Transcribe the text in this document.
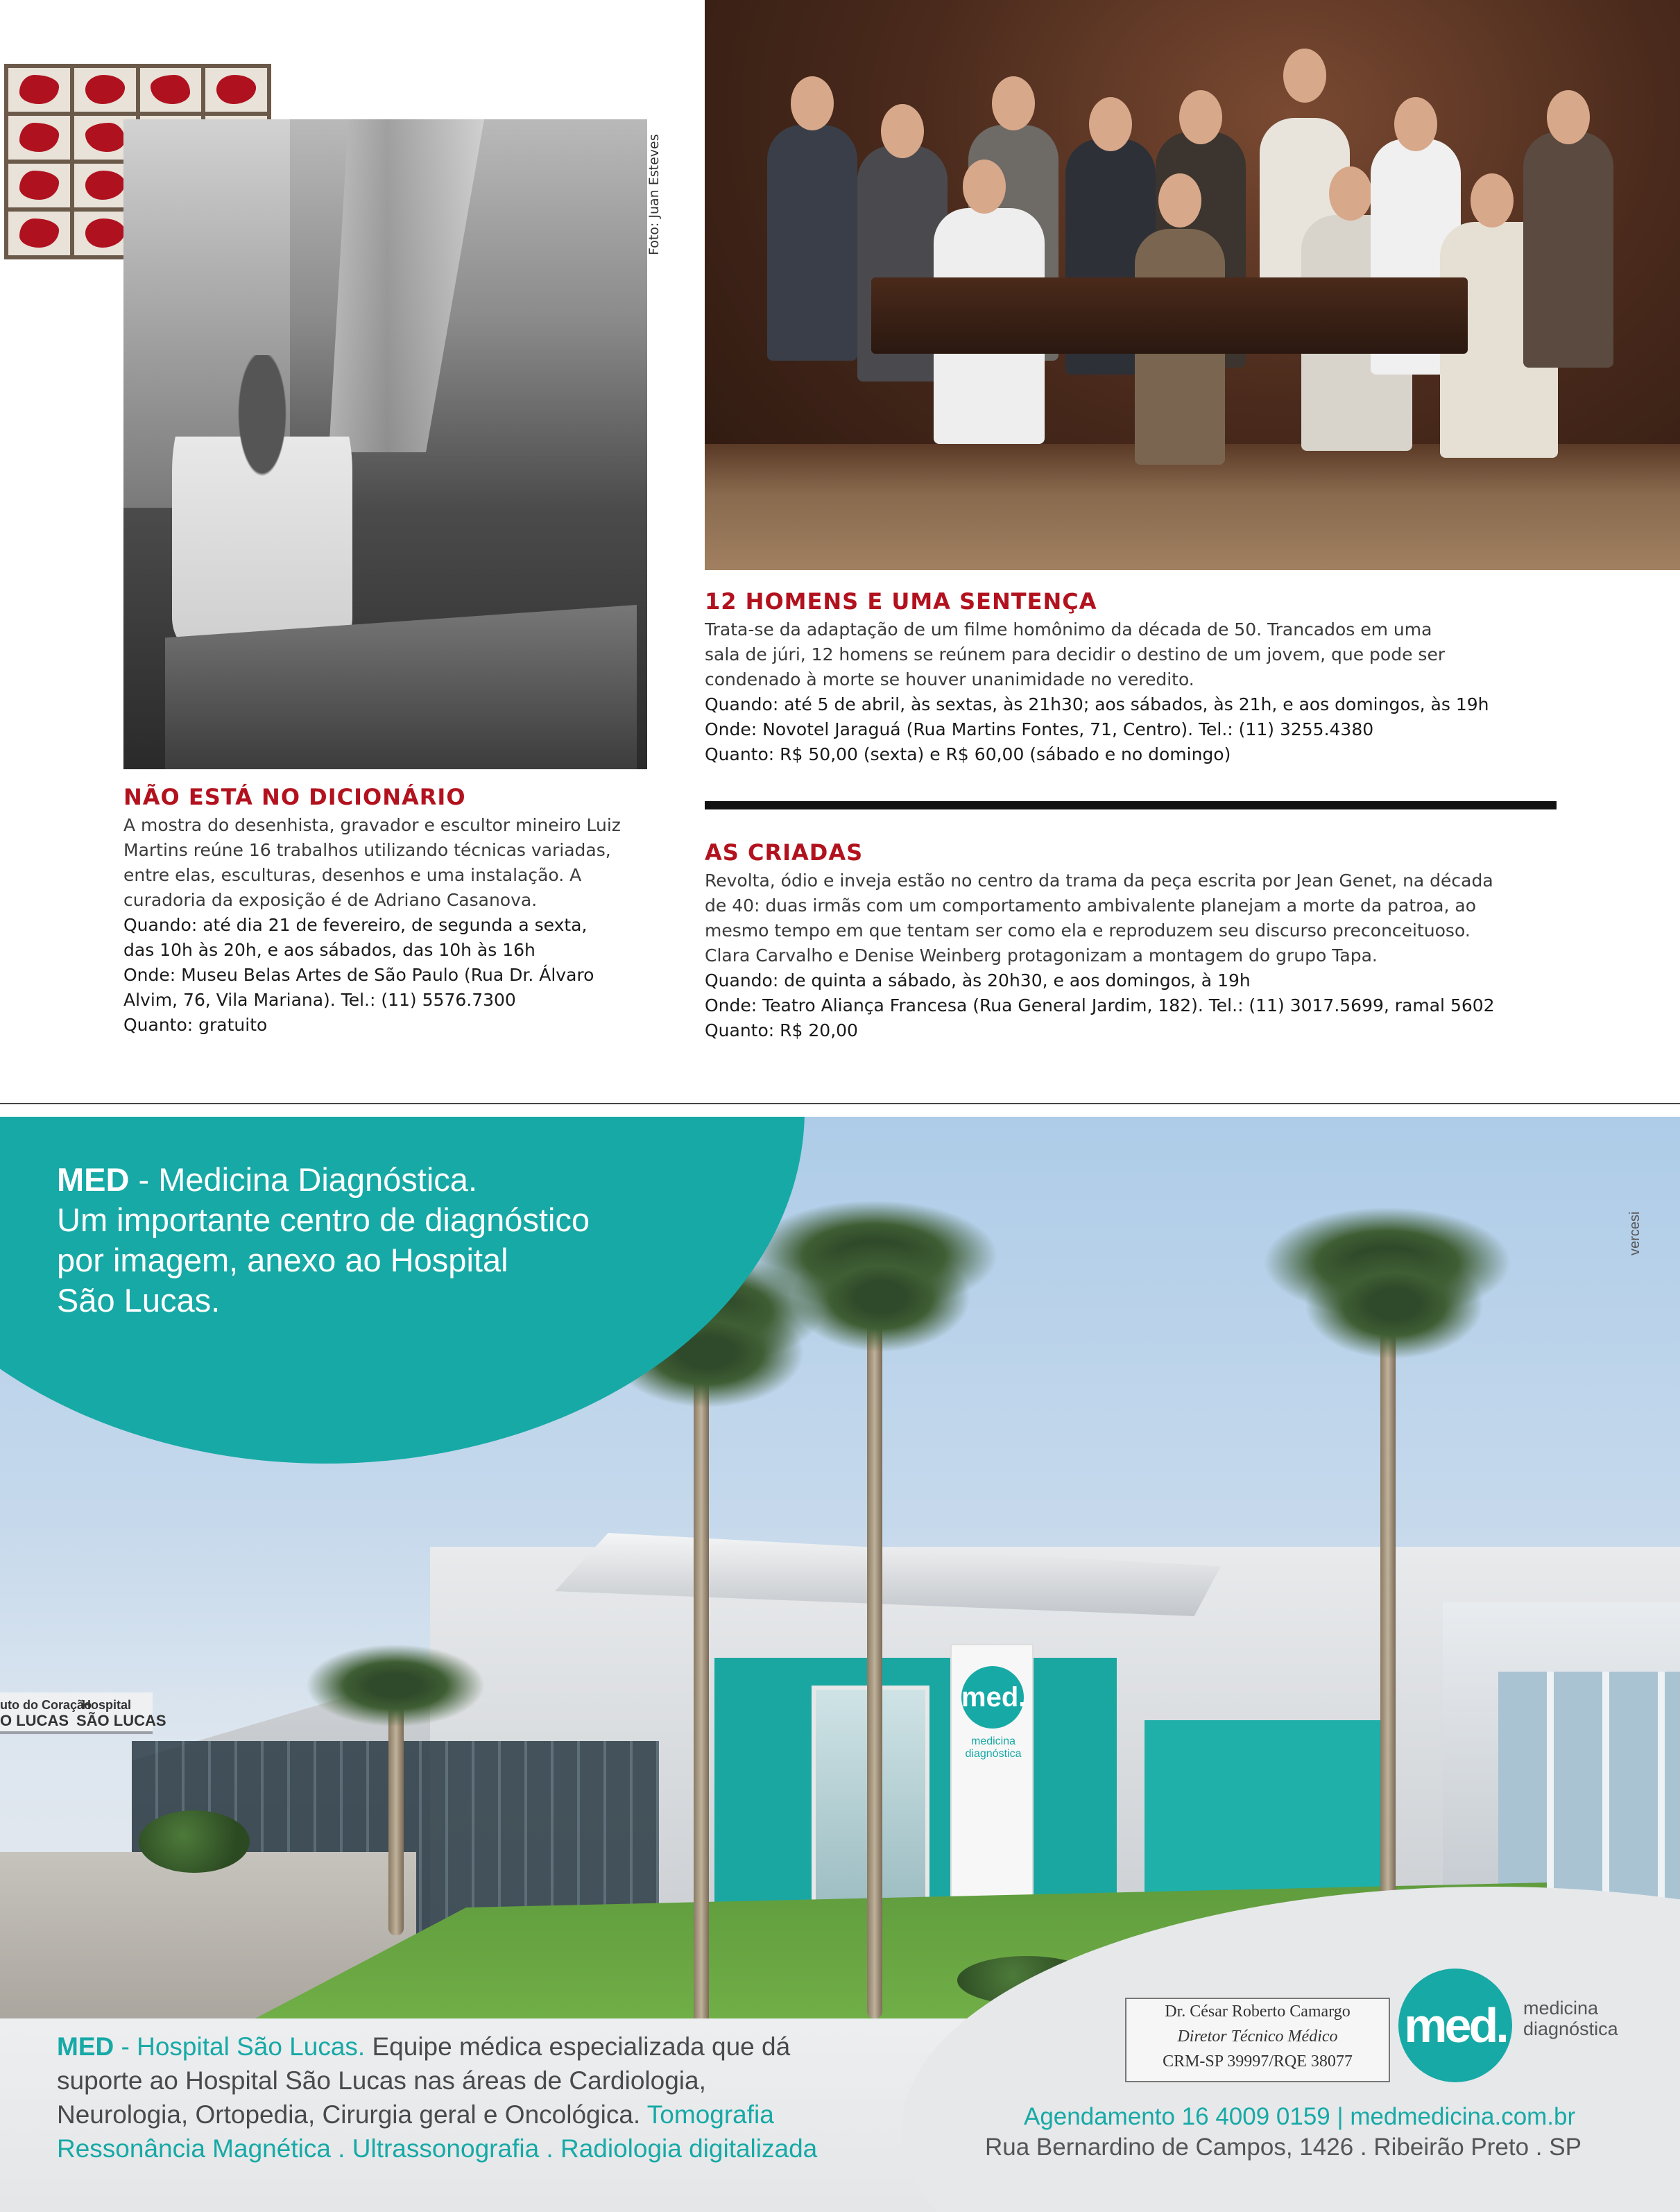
Foto: Juan Esteves
NÃO ESTÁ NO DICIONÁRIO

A mostra do desenhista, gravador e escultor mineiro Luiz

Martins reúne 16 trabalhos utilizando técnicas variadas,

entre elas, esculturas, desenhos e uma instalação. A

curadoria da exposição é de Adriano Casanova.

Quando: até dia 21 de fevereiro, de segunda a sexta,

das 10h às 20h, e aos sábados, das 10h às 16h

Onde: Museu Belas Artes de São Paulo (Rua Dr. Álvaro

Alvim, 76, Vila Mariana). Tel.: (11) 5576.7300

Quanto: gratuito

12 HOMENS E UMA SENTENÇA

Trata-se da adaptação de um filme homônimo da década de 50. Trancados em uma

sala de júri, 12 homens se reúnem para decidir o destino de um jovem, que pode ser

condenado à morte se houver unanimidade no veredito.

Quando: até 5 de abril, às sextas, às 21h30; aos sábados, às 21h, e aos domingos, às 19h

Onde: Novotel Jaraguá (Rua Martins Fontes, 71, Centro). Tel.: (11) 3255.4380

Quanto: R$ 50,00 (sexta) e R$ 60,00 (sábado e no domingo)

AS CRIADAS

Revolta, ódio e inveja estão no centro da trama da peça escrita por Jean Genet, na década

de 40: duas irmãs com um comportamento ambivalente planejam a morte da patroa, ao

mesmo tempo em que tentam ser como ela e reproduzem seu discurso preconceituoso.

Clara Carvalho e Denise Weinberg protagonizam a montagem do grupo Tapa.

Quando: de quinta a sábado, às 20h30, e aos domingos, à 19h

Onde: Teatro Aliança Francesa (Rua General Jardim, 182). Tel.: (11) 3017.5699, ramal 5602

Quanto: R$ 20,00

med.
medicina diagnóstica
uto do Coração
Hospital
O LUCAS SÃO LUCAS

MED - Medicina Diagnóstica.

Um importante centro de diagnóstico

por imagem, anexo ao Hospital

São Lucas.

vercesi

MED - Hospital São Lucas. Equipe médica especializada que dá

suporte ao Hospital São Lucas nas áreas de Cardiologia,

Neurologia, Ortopedia, Cirurgia geral e Oncológica. Tomografia

Ressonância Magnética . Ultrassonografia . Radiologia digitalizada

Dr. César Roberto Camargo

Diretor Técnico Médico

CRM-SP 39997/RQE 38077

med. medicina

diagnóstica

Agendamento 16 4009 0159 | medmedicina.com.br
Rua Bernardino de Campos, 1426 . Ribeirão Preto . SP
